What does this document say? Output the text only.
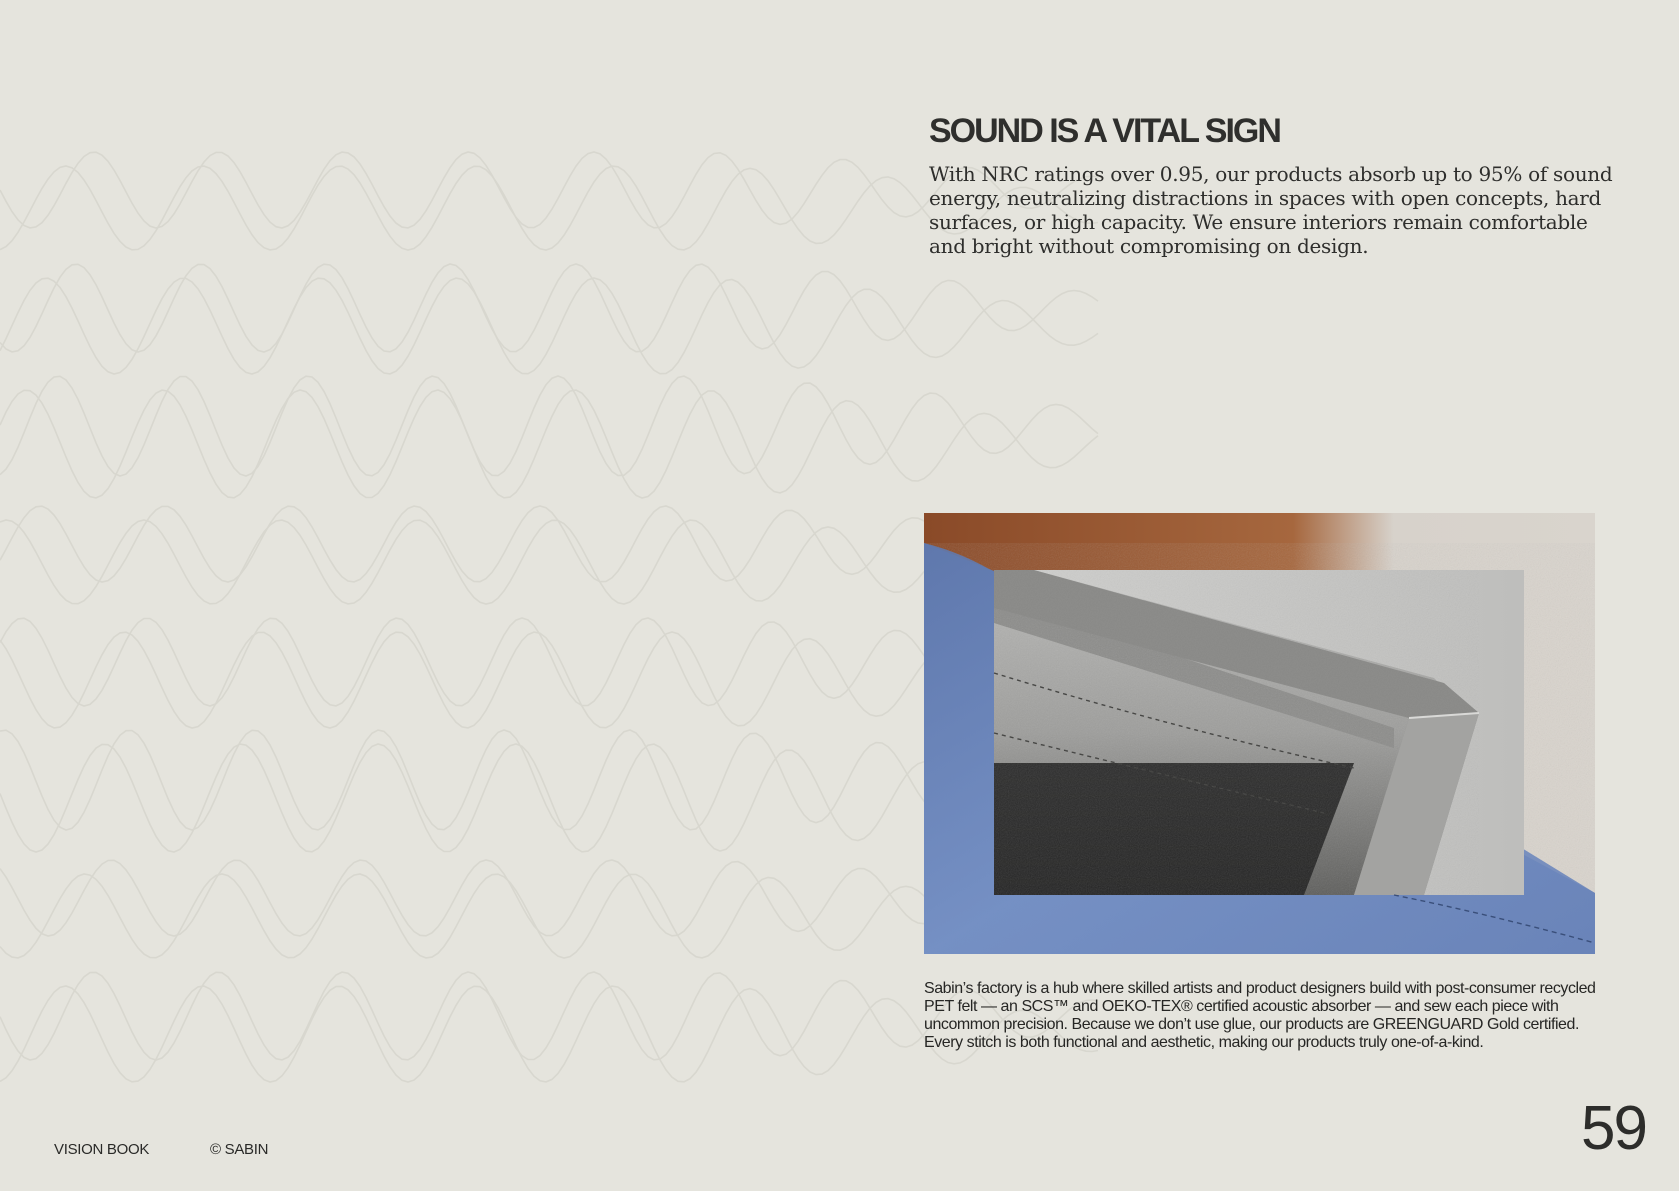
SOUND IS A VITAL SIGN

With NRC ratings over 0.95, our products absorb up to 95% of sound energy, neutralizing distractions in spaces with open concepts, hard surfaces, or high capacity. We ensure interiors remain comfortable and bright without compromising on design.

Sabin’s factory is a hub where skilled artists and product designers build with post-consumer recycled PET felt — an SCS™ and OEKO-TEX® certified acoustic absorber — and sew each piece with uncommon precision. Because we don’t use glue, our products are GREENGUARD Gold certified. Every stitch is both functional and aesthetic, making our products truly one-of-a-kind.

VISION BOOK	© SABIN	59
